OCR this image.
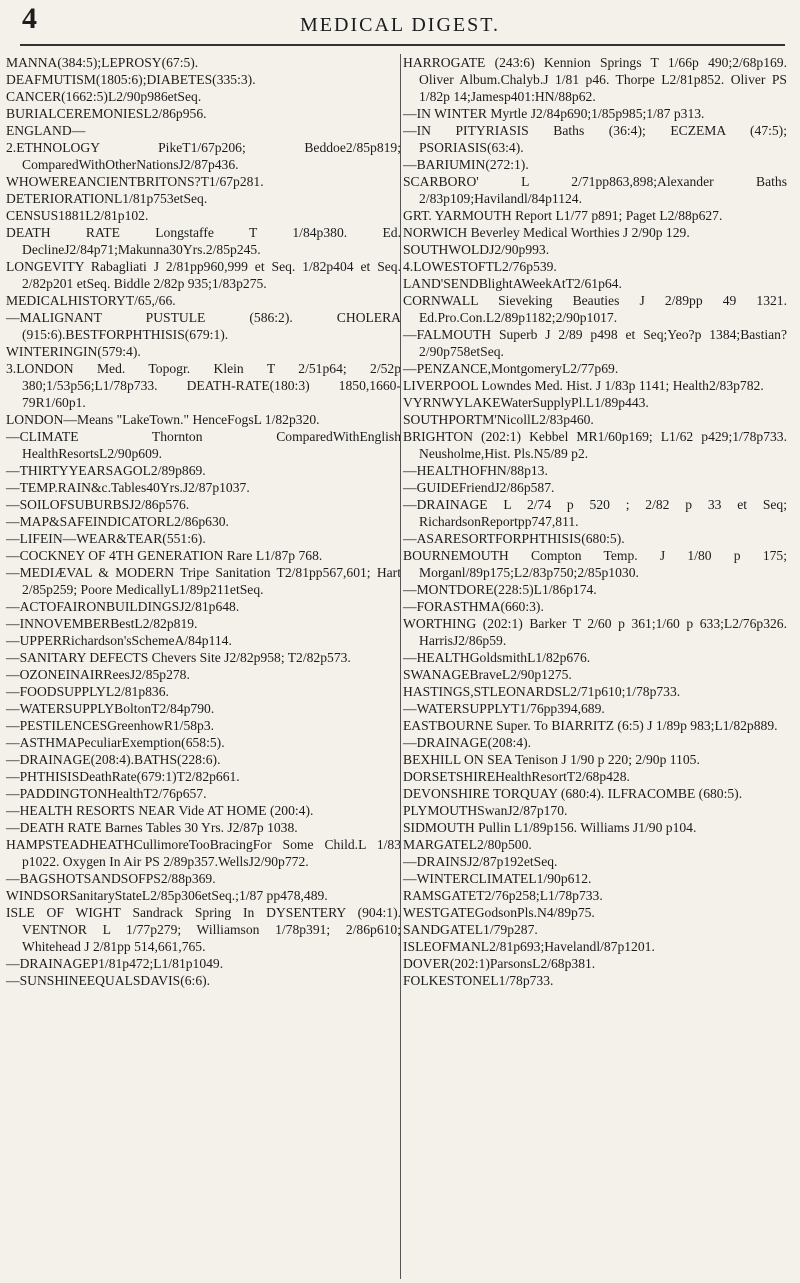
4	MEDICAL DIGEST.

MANNA(384:5);LEPROSY(67:5).

DEAFMUTISM(1805:6);DIABETES(335:3).

CANCER(1662:5)L2/90p986etSeq.

BURIALCEREMONIESL2/86p956.

ENGLAND—

2.ETHNOLOGY PikeT1/67p206; Beddoe2/85p819; ComparedWithOtherNationsJ2/87p436.

WHOWEREANCIENTBRITONS?T1/67p281.

DETERIORATIONL1/81p753etSeq.

CENSUS1881L2/81p102.

DEATH RATE Longstaffe T 1/84p380. Ed. DeclineJ2/84p71;Makunna30Yrs.2/85p245.

LONGEVITY Rabagliati J 2/81pp960,999 et Seq. 1/82p404 et Seq. 2/82p201 etSeq. Biddle 2/82p 935;1/83p275.

MEDICALHISTORYT/65,/66.

—MALIGNANT PUSTULE (586:2). CHOLERA (915:6).BESTFORPHTHISIS(679:1).

WINTERINGIN(579:4).

3.LONDON Med. Topogr. Klein T 2/51p64; 2/52p 380;1/53p56;L1/78p733. DEATH-RATE(180:3) 1850,1660-79R1/60p1.

LONDON—Means "LakeTown." HenceFogsL 1/82p320.

—CLIMATE Thornton ComparedWithEnglish HealthResortsL2/90p609.

—THIRTYYEARSAGOL2/89p869.

—TEMP.RAIN&c.Tables40Yrs.J2/87p1037.

—SOILOFSUBURBSJ2/86p576.

—MAP&SAFEINDICATORL2/86p630.

—LIFEIN—WEAR&TEAR(551:6).

—COCKNEY OF 4TH GENERATION Rare L1/87p 768.

—MEDIÆVAL & MODERN Tripe Sanitation T2/81pp567,601; Hart 2/85p259; Poore MedicallyL1/89p211etSeq.

—ACTOFAIRONBUILDINGSJ2/81p648.

—INNOVEMBERBestL2/82p819.

—UPPERRichardson'sSchemeA/84p114.

—SANITARY DEFECTS Chevers Site J2/82p958; T2/82p573.

—OZONEINAIRReesJ2/85p278.

—FOODSUPPLYL2/81p836.

—WATERSUPPLYBoltonT2/84p790.

—PESTILENCESGreenhowR1/58p3.

—ASTHMAPeculiarExemption(658:5).

—DRAINAGE(208:4).BATHS(228:6).

—PHTHISISDeathRate(679:1)T2/82p661.

—PADDINGTONHealthT2/76p657.

—HEALTH RESORTS NEAR Vide AT HOME (200:4).

—DEATH RATE Barnes Tables 30 Yrs. J2/87p 1038.

HAMPSTEADHEATHCullimoreTooBracingFor Some Child.L 1/83 p1022. Oxygen In Air PS 2/89p357.WellsJ2/90p772.

—BAGSHOTSANDSOFPS2/88p369.

WINDSORSanitaryStateL2/85p306etSeq.;1/87 pp478,489.

ISLE OF WIGHT Sandrack Spring In DYSENTERY (904:1). VENTNOR L 1/77p279; Williamson 1/78p391; 2/86p610; Whitehead J 2/81pp 514,661,765.

—DRAINAGEP1/81p472;L1/81p1049.

—SUNSHINEEQUALSDAVIS(6:6).

HARROGATE (243:6) Kennion Springs T 1/66p 490;2/68p169. Oliver Album.Chalyb.J 1/81 p46. Thorpe L2/81p852. Oliver PS 1/82p 14;Jamesp401:HN/88p62.

—IN WINTER Myrtle J2/84p690;1/85p985;1/87 p313.

—IN PITYRIASIS Baths (36:4); ECZEMA (47:5); PSORIASIS(63:4).

—BARIUMIN(272:1).

SCARBORO' L 2/71pp863,898;Alexander Baths 2/83p109;Havilandl/84p1124.

GRT. YARMOUTH Report L1/77 p891; Paget L2/88p627.

NORWICH Beverley Medical Worthies J 2/90p 129.

SOUTHWOLDJ2/90p993.

4.LOWESTOFTL2/76p539.

LAND'SENDBlightAWeekAtT2/61p64.

CORNWALL Sieveking Beauties J 2/89pp 49 1321. Ed.Pro.Con.L2/89p1182;2/90p1017.

—FALMOUTH Superb J 2/89 p498 et Seq;Yeo?p 1384;Bastian?2/90p758etSeq.

—PENZANCE,MontgomeryL2/77p69.

LIVERPOOL Lowndes Med. Hist. J 1/83p 1141; Health2/83p782.

VYRNWYLAKEWaterSupplyPl.L1/89p443.

SOUTHPORTM'NicollL2/83p460.

BRIGHTON (202:1) Kebbel MR1/60p169; L1/62 p429;1/78p733. Neusholme,Hist. Pls.N5/89 p2.

—HEALTHOFHN/88p13.

—GUIDEFriendJ2/86p587.

—DRAINAGE L 2/74 p 520 ; 2/82 p 33 et Seq; RichardsonReportpp747,811.

—ASARESORTFORPHTHISIS(680:5).

BOURNEMOUTH Compton Temp. J 1/80 p 175; Morganl/89p175;L2/83p750;2/85p1030.

—MONTDORE(228:5)L1/86p174.

—FORASTHMA(660:3).

WORTHING (202:1) Barker T 2/60 p 361;1/60 p 633;L2/76p326. HarrisJ2/86p59.

—HEALTHGoldsmithL1/82p676.

SWANAGEBraveL2/90p1275.

HASTINGS,STLEONARDSL2/71p610;1/78p733.

—WATERSUPPLYT1/76pp394,689.

EASTBOURNE Super. To BIARRITZ (6:5) J 1/89p 983;L1/82p889.

—DRAINAGE(208:4).

BEXHILL ON SEA Tenison J 1/90 p 220; 2/90p 1105.

DORSETSHIREHealthResortT2/68p428.

DEVONSHIRE TORQUAY (680:4). ILFRACOMBE (680:5).

PLYMOUTHSwanJ2/87p170.

SIDMOUTH Pullin L1/89p156. Williams J1/90 p104.

MARGATEL2/80p500.

—DRAINSJ2/87p192etSeq.

—WINTERCLIMATEL1/90p612.

RAMSGATET2/76p258;L1/78p733.

WESTGATEGodsonPls.N4/89p75.

SANDGATEL1/79p287.

ISLEOFMANL2/81p693;Havelandl/87p1201.

DOVER(202:1)ParsonsL2/68p381.

FOLKESTONEL1/78p733.
